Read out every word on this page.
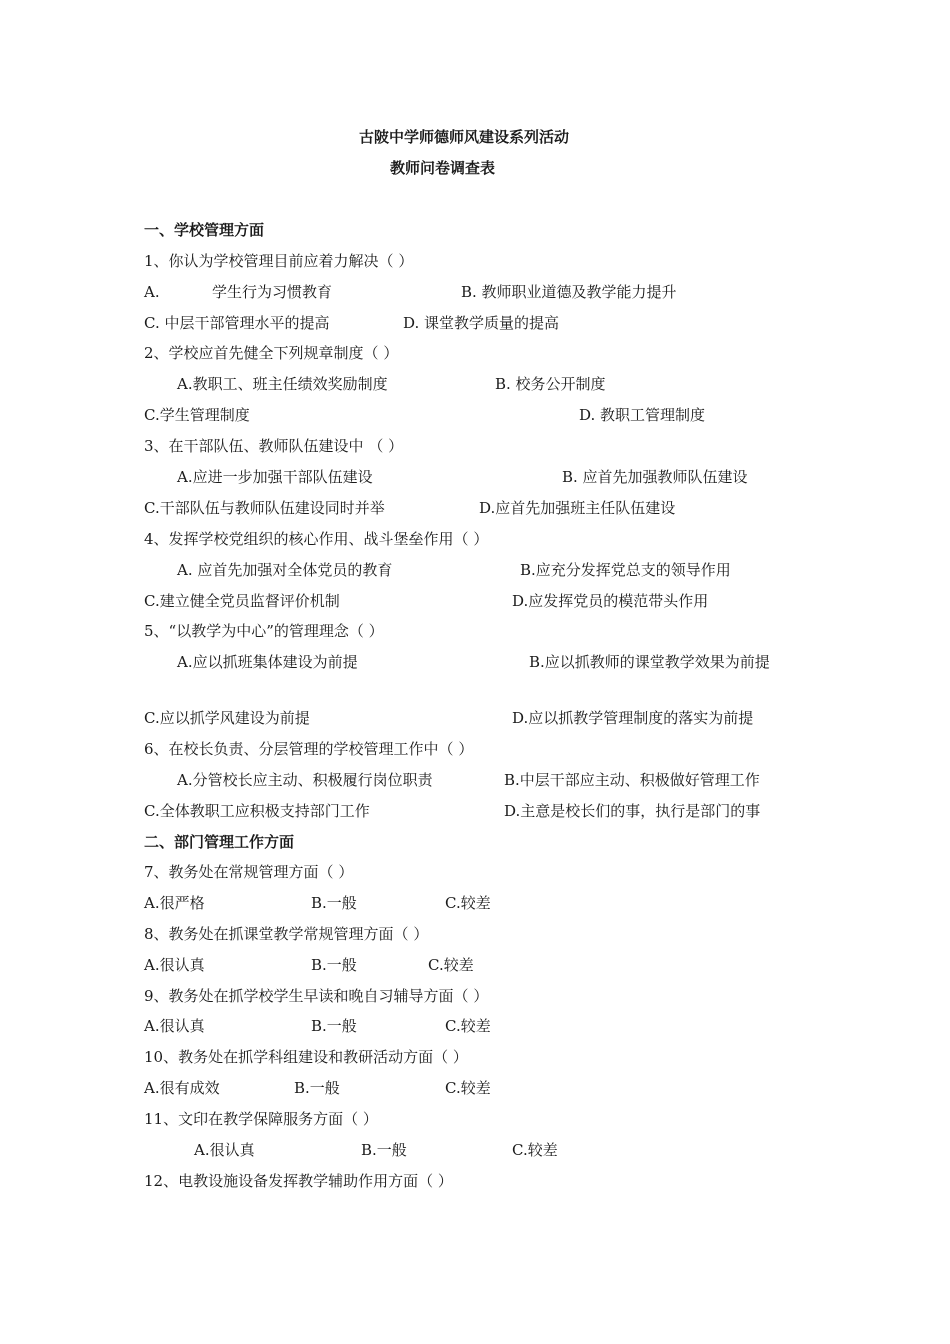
古陂中学师德师风建设系列活动
教师问卷调查表
一、学校管理方面
1、你认为学校管理目前应着力解决（ ）
A.	学生行为习惯教育	B. 教师职业道德及教学能力提升
C. 中层干部管理水平的提高	D. 课堂教学质量的提高
2、学校应首先健全下列规章制度（ ）
A.教职工、班主任绩效奖励制度	B. 校务公开制度
C.学生管理制度	D. 教职工管理制度
3、在干部队伍、教师队伍建设中 （ ）
A.应进一步加强干部队伍建设	B. 应首先加强教师队伍建设
C.干部队伍与教师队伍建设同时并举	D.应首先加强班主任队伍建设
4、发挥学校党组织的核心作用、战斗堡垒作用（ ）
A. 应首先加强对全体党员的教育	B.应充分发挥党总支的领导作用
C.建立健全党员监督评价机制	D.应发挥党员的模范带头作用
5、“以教学为中心”的管理理念（ ）
A.应以抓班集体建设为前提	B.应以抓教师的课堂教学效果为前提
C.应以抓学风建设为前提	D.应以抓教学管理制度的落实为前提
6、在校长负责、分层管理的学校管理工作中（ ）
A.分管校长应主动、积极履行岗位职责	B.中层干部应主动、积极做好管理工作
C.全体教职工应积极支持部门工作	D.主意是校长们的事，执行是部门的事
二、部门管理工作方面
7、教务处在常规管理方面（ ）
A.很严格	B.一般	C.较差
8、教务处在抓课堂教学常规管理方面（ ）
A.很认真	B.一般	C.较差
9、教务处在抓学校学生早读和晚自习辅导方面（ ）
A.很认真	B.一般	C.较差
10、教务处在抓学科组建设和教研活动方面（ ）
A.很有成效	B.一般	C.较差
11、文印在教学保障服务方面（ ）
A.很认真	B.一般	C.较差
12、电教设施设备发挥教学辅助作用方面（ ）
